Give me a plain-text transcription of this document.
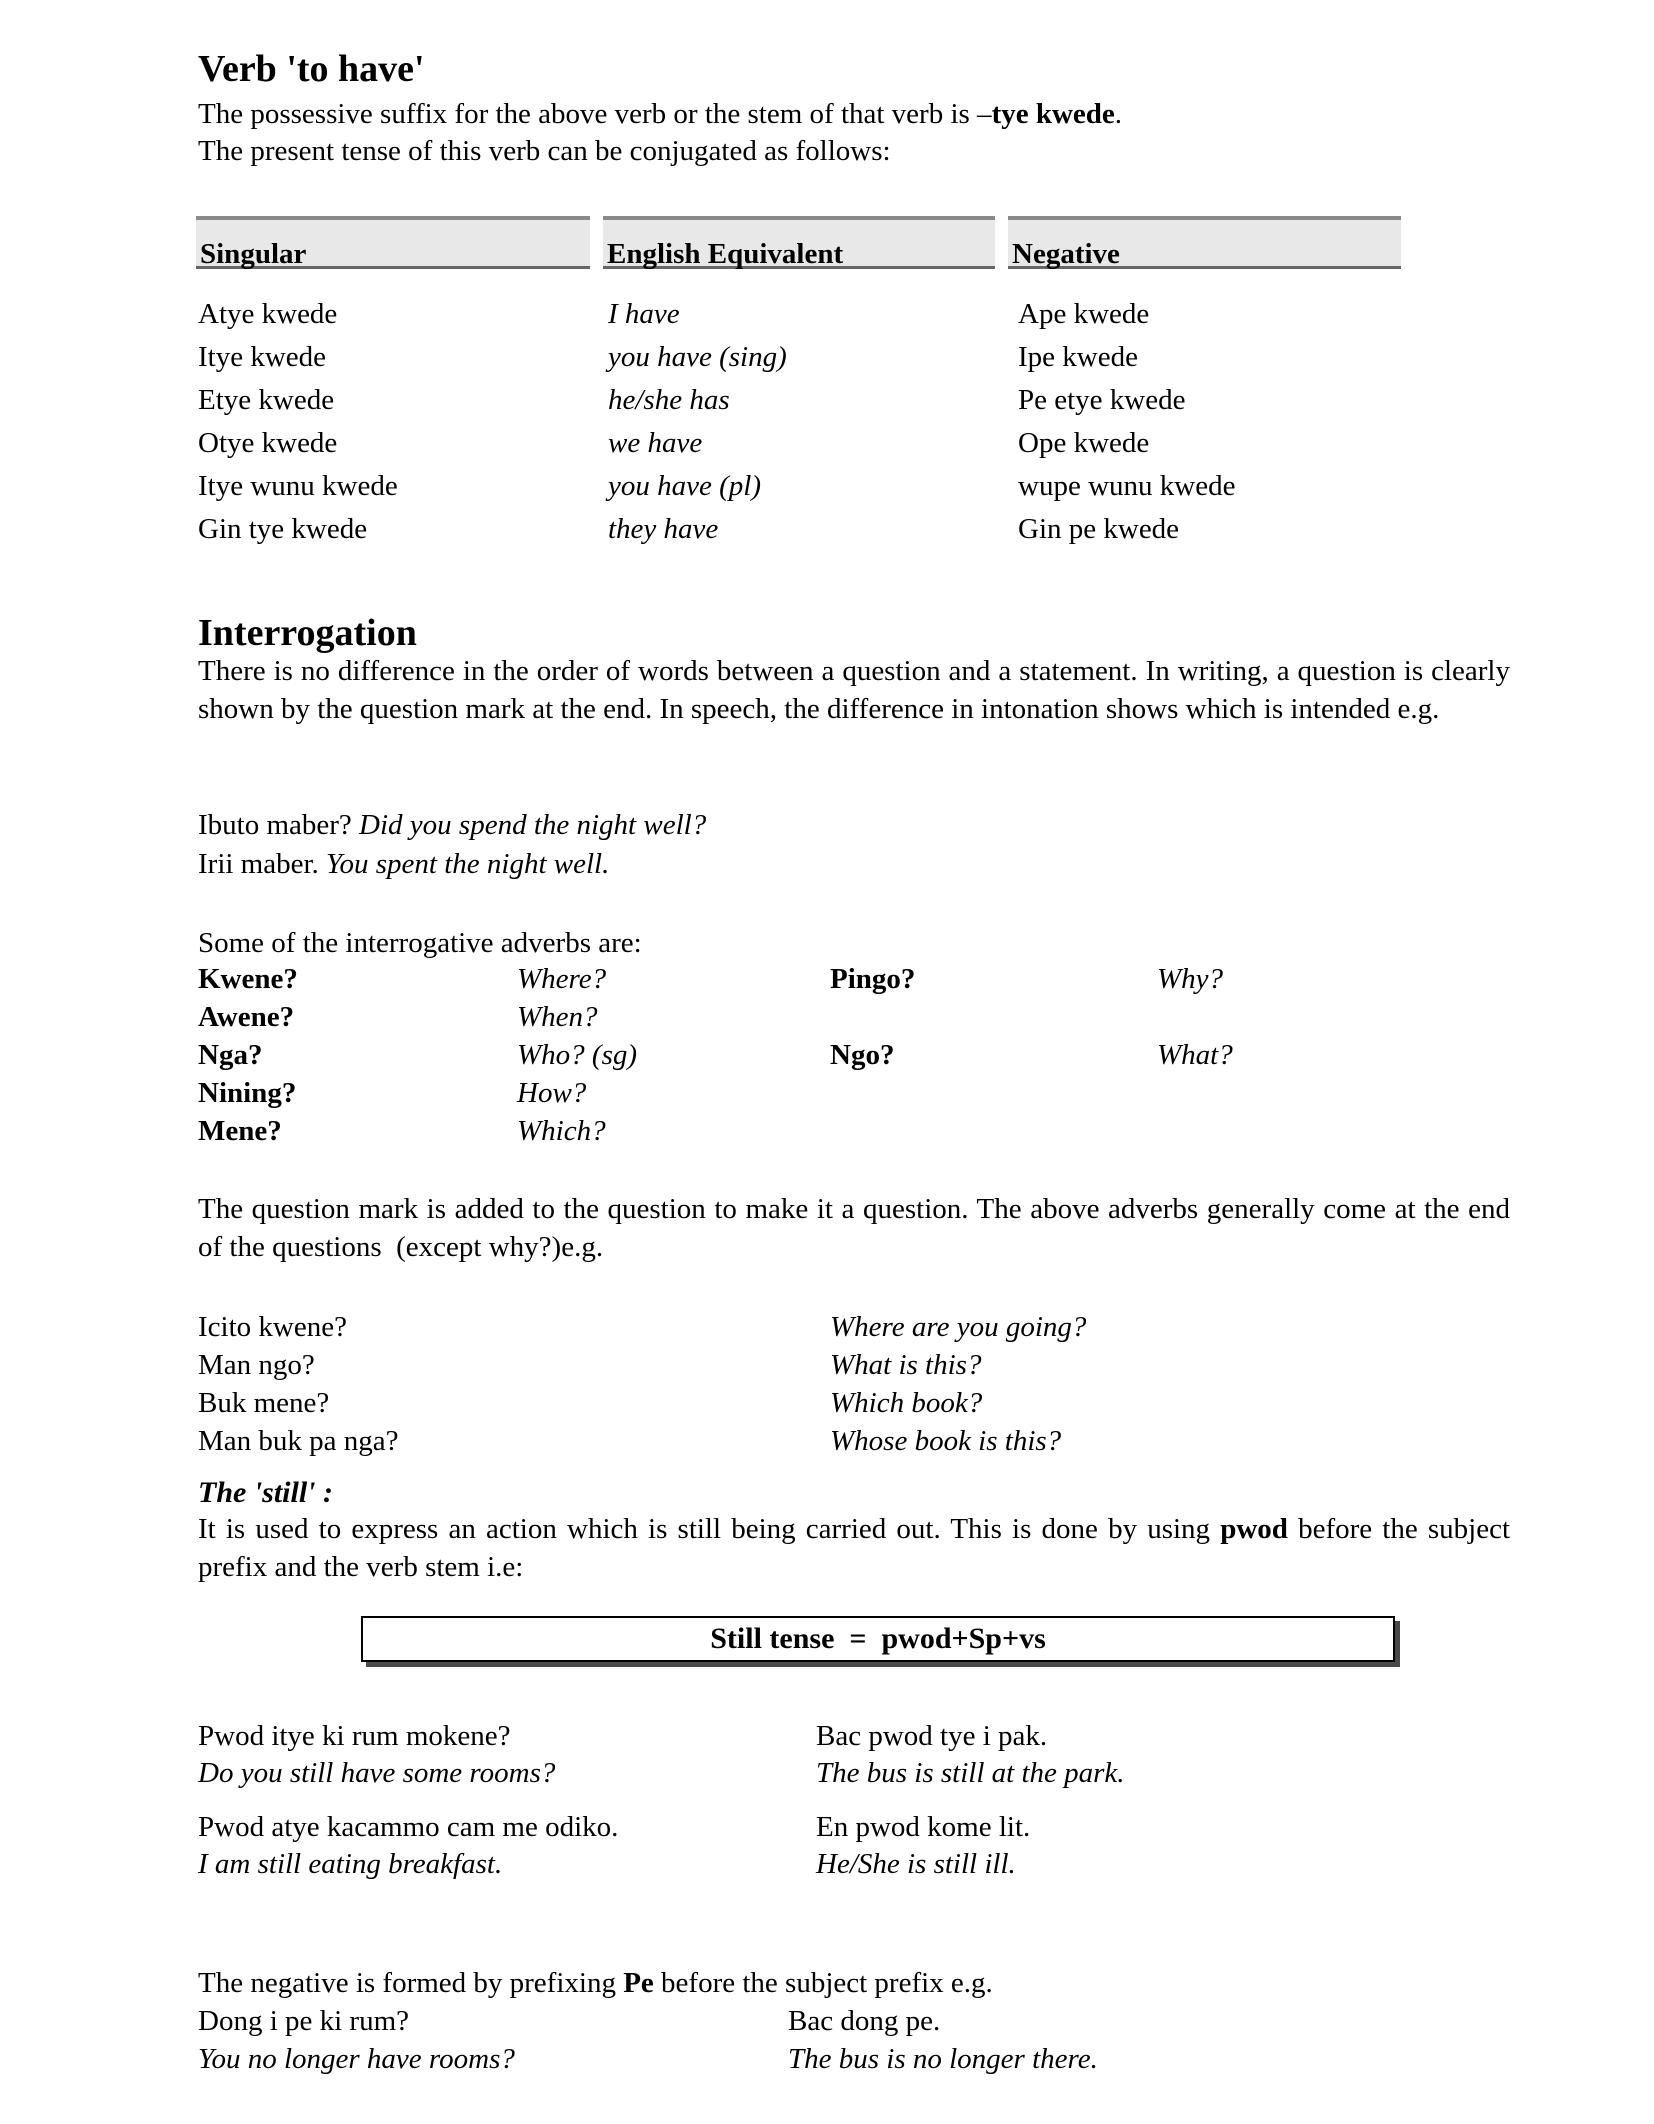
Verb 'to have'
The possessive suffix for the above verb or the stem of that verb is –tye kwede.
The present tense of this verb can be conjugated as follows:
Singular	English Equivalent	Negative
Atye kwede	I have	Ape kwede
Itye kwede	you have (sing)	Ipe kwede
Etye kwede	he/she has	Pe etye kwede
Otye kwede	we have	Ope kwede
Itye wunu kwede	you have (pl)	wupe wunu kwede
Gin tye kwede	they have	Gin pe kwede
Interrogation
There is no difference in the order of words between a question and a statement. In writing, a question is clearly shown by the question mark at the end. In speech, the difference in intonation shows which is intended e.g.
Ibuto maber? Did you spend the night well?
Irii maber. You spent the night well.
Some of the interrogative adverbs are:
Kwene?	Where?	Pingo?	Why?
Awene?	When?
Nga?	Who? (sg)	Ngo?	What?
Nining?	How?
Mene?	Which?
The question mark is added to the question to make it a question. The above adverbs generally come at the end of the questions  (except why?)e.g.
Icito kwene?	Where are you going?
Man ngo?	What is this?
Buk mene?	Which book?
Man buk pa nga?	Whose book is this?
The 'still' :
It is used to express an action which is still being carried out. This is done by using pwod before the subject prefix and the verb stem i.e:
Still tense  =  pwod+Sp+vs
Pwod itye ki rum mokene?
Do you still have some rooms?
Bac pwod tye i pak.
The bus is still at the park.
Pwod atye kacammo cam me odiko.
I am still eating breakfast.
En pwod kome lit.
He/She is still ill.
The negative is formed by prefixing Pe before the subject prefix e.g.
Dong i pe ki rum?	Bac dong pe.
You no longer have rooms?	The bus is no longer there.
